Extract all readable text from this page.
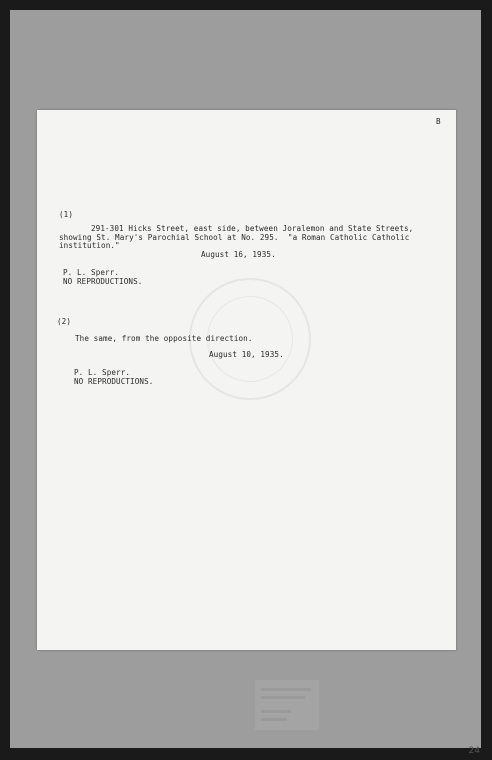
B
(1)
291-301 Hicks Street, east side, between Joralemon and State Streets,
showing St. Mary's Parochial School at No. 295.  "a Roman Catholic Catholic
institution."
August 16, 1935.
P. L. Sperr.
NO REPRODUCTIONS.
(2)
The same, from the opposite direction.
August 10, 1935.
P. L. Sperr.
NO REPRODUCTIONS.
24
